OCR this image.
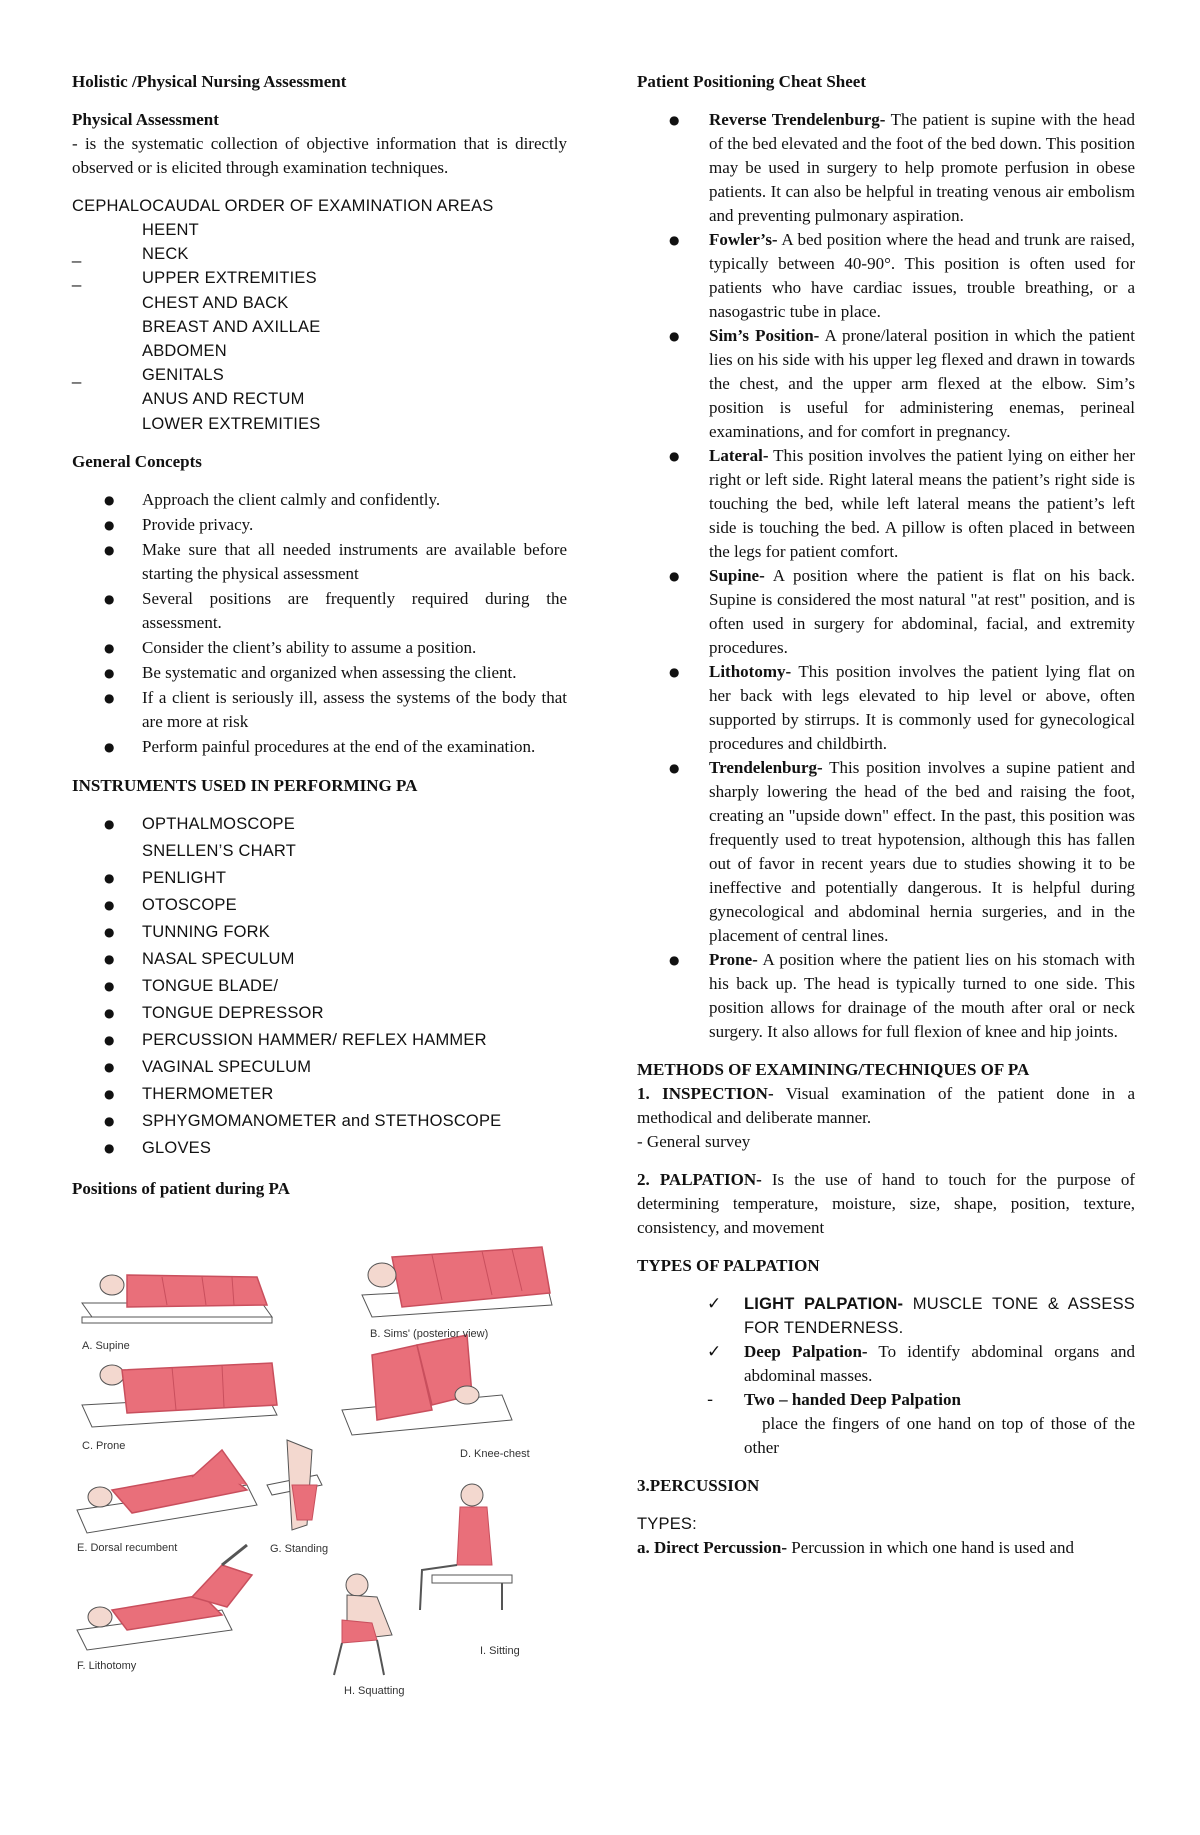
Holistic /Physical Nursing Assessment

Physical Assessment

- is the systematic collection of objective information that is directly observed or is elicited through examination techniques.

CEPHALOCAUDAL ORDER OF EXAMINATION AREAS

HEENT
_	NECK
_	UPPER EXTREMITIES
CHEST AND BACK
BREAST AND AXILLAE
ABDOMEN
_	GENITALS
ANUS AND RECTUM
LOWER EXTREMITIES

General Concepts

● Approach the client calmly and confidently.
● Provide privacy.
● Make sure that all needed instruments are available before starting the physical assessment
● Several positions are frequently required during the assessment.
● Consider the client’s ability to assume a position.
● Be systematic and organized when assessing the client.
● If a client is seriously ill, assess the systems of the body that are more at risk
● Perform painful procedures at the end of the examination.

INSTRUMENTS USED IN PERFORMING PA

● OPTHALMOSCOPE
SNELLEN’S CHART
● PENLIGHT
● OTOSCOPE
● TUNNING FORK
● NASAL SPECULUM
● TONGUE BLADE/
● TONGUE DEPRESSOR
● PERCUSSION HAMMER/ REFLEX HAMMER
● VAGINAL SPECULUM
● THERMOMETER
● SPHYGMOMANOMETER and STETHOSCOPE
● GLOVES

Positions of patient during PA

A. Supine
B. Sims' (posterior view)
C. Prone
D. Knee-chest
E. Dorsal recumbent
F. Lithotomy
G. Standing
H. Squatting
I. Sitting

Patient Positioning Cheat Sheet

● Reverse Trendelenburg- The patient is supine with the head of the bed elevated and the foot of the bed down. This position may be used in surgery to help promote perfusion in obese patients. It can also be helpful in treating venous air embolism and preventing pulmonary aspiration.
● Fowler’s- A bed position where the head and trunk are raised, typically between 40-90°. This position is often used for patients who have cardiac issues, trouble breathing, or a nasogastric tube in place.
● Sim’s Position- A prone/lateral position in which the patient lies on his side with his upper leg flexed and drawn in towards the chest, and the upper arm flexed at the elbow. Sim’s position is useful for administering enemas, perineal examinations, and for comfort in pregnancy.
● Lateral- This position involves the patient lying on either her right or left side. Right lateral means the patient’s right side is touching the bed, while left lateral means the patient’s left side is touching the bed. A pillow is often placed in between the legs for patient comfort.
● Supine- A position where the patient is flat on his back. Supine is considered the most natural "at rest" position, and is often used in surgery for abdominal, facial, and extremity procedures.
● Lithotomy- This position involves the patient lying flat on her back with legs elevated to hip level or above, often supported by stirrups. It is commonly used for gynecological procedures and childbirth.
● Trendelenburg- This position involves a supine patient and sharply lowering the head of the bed and raising the foot, creating an "upside down" effect. In the past, this position was frequently used to treat hypotension, although this has fallen out of favor in recent years due to studies showing it to be ineffective and potentially dangerous. It is helpful during gynecological and abdominal hernia surgeries, and in the placement of central lines.
● Prone- A position where the patient lies on his stomach with his back up. The head is typically turned to one side. This position allows for drainage of the mouth after oral or neck surgery. It also allows for full flexion of knee and hip joints.

METHODS OF EXAMINING/TECHNIQUES OF PA

1. INSPECTION- Visual examination of the patient done in a methodical and deliberate manner.

- General survey

2. PALPATION- Is the use of hand to touch for the purpose of determining temperature, moisture, size, shape, position, texture, consistency, and movement

TYPES OF PALPATION

✓ LIGHT PALPATION- MUSCLE TONE & ASSESS FOR TENDERNESS.
✓ Deep Palpation- To identify abdominal organs and abdominal masses.
- Two – handed Deep Palpation

place the fingers of one hand on top of those of the other

3.PERCUSSION

TYPES:

a. Direct Percussion- Percussion in which one hand is used and
